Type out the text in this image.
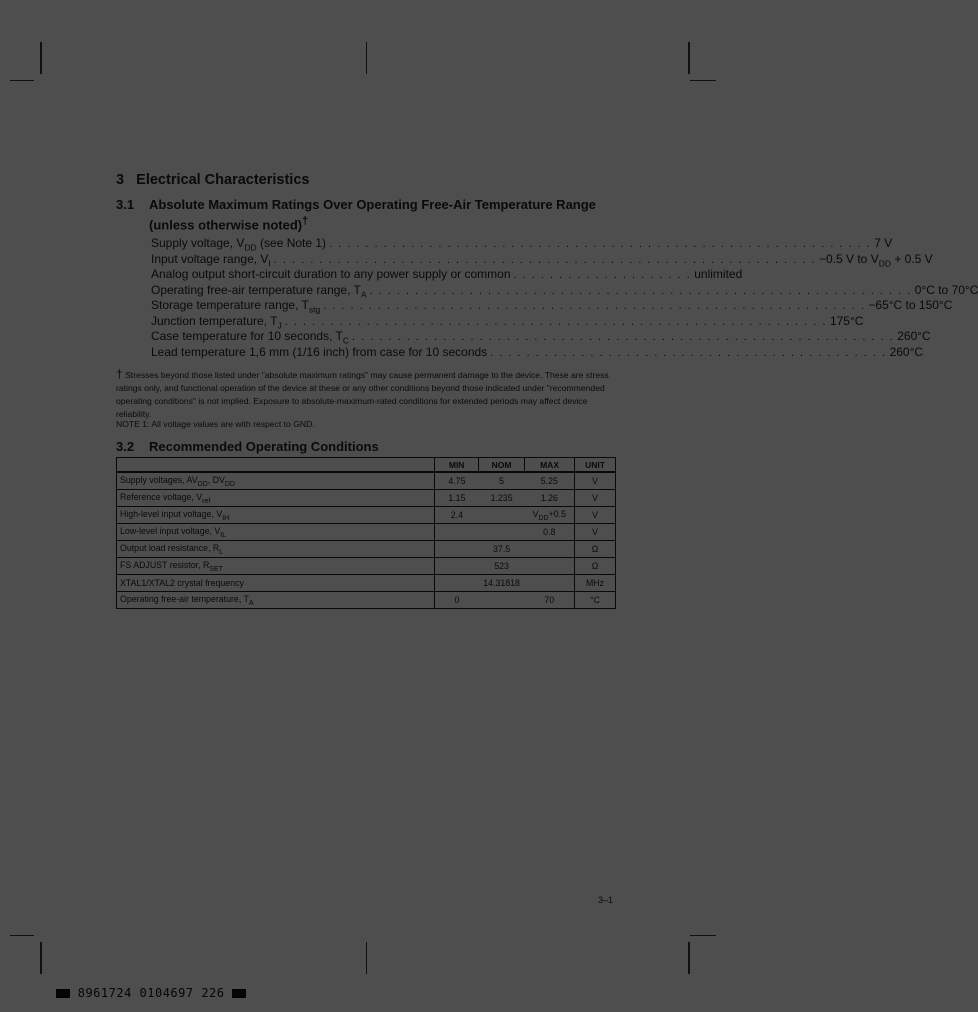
3 Electrical Characteristics
3.1 Absolute Maximum Ratings Over Operating Free-Air Temperature Range
(unless otherwise noted)†
Supply voltage, $V_{DD}$ (see Note 1) . . . . . . . . . . . . . . . . . . . . . . . . . . . . . . . . . . . . . . . . . . . . . . . . . . . . . . . . . . . . 7 V
Input voltage range, $V_I$ . . . . . . . . . . . . . . . . . . . . . . . . . . . . . . . . . . . . . . . . . . . . . . . . . . . . . . . . . . . . −0.5 V to $V_{DD} + 0.5$ V
Analog output short-circuit duration to any power supply or common . . . . . . . . . . . . . . . . . . . . unlimited
Operating free-air temperature range, $T_A$ . . . . . . . . . . . . . . . . . . . . . . . . . . . . . . . . . . . . . . . . . . . . . . . . . . . . . . . . . . . . 0°C to 70°C
Storage temperature range, $T_{stg}$ . . . . . . . . . . . . . . . . . . . . . . . . . . . . . . . . . . . . . . . . . . . . . . . . . . . . . . . . . . . . −65°C to 150°C
Junction temperature, $T_J$ . . . . . . . . . . . . . . . . . . . . . . . . . . . . . . . . . . . . . . . . . . . . . . . . . . . . . . . . . . . . 175°C
Case temperature for 10 seconds, $T_C$ . . . . . . . . . . . . . . . . . . . . . . . . . . . . . . . . . . . . . . . . . . . . . . . . . . . . . . . . . . . . 260°C
Lead temperature 1,6 mm (1/16 inch) from case for 10 seconds . . . . . . . . . . . . . . . . . . . . . . . . . . . . . . . . . . . . . . . . . . . . 260°C
† Stresses beyond those listed under "absolute maximum ratings" may cause permanent damage to the device. These are stress ratings only, and functional operation of the device at these or any other conditions beyond those indicated under "recommended operating conditions" is not implied. Exposure to absolute-maximum-rated conditions for extended periods may affect device reliability.
NOTE 1: All voltage values are with respect to GND.
3.2 Recommended Operating Conditions
	MIN	NOM	MAX	UNIT
Supply voltages, $AV_{DD}$, $DV_{DD}$	4.75	5	5.25	V
Reference voltage, $V_{ref}$	1.15	1.235	1.26	V
High-level input voltage, $V_{IH}$	2.4		$V_{DD}+0.5$	V
Low-level input voltage, $V_{IL}$			0.8	V
Output load resistance, $R_L$		37.5		Ω
FS ADJUST resistor, $R_{SET}$		523		Ω
XTAL1/XTAL2 crystal frequency		14.31818		MHz
Operating free-air temperature, $T_A$	0		70	°C
3–1
8961724 0104697 226
